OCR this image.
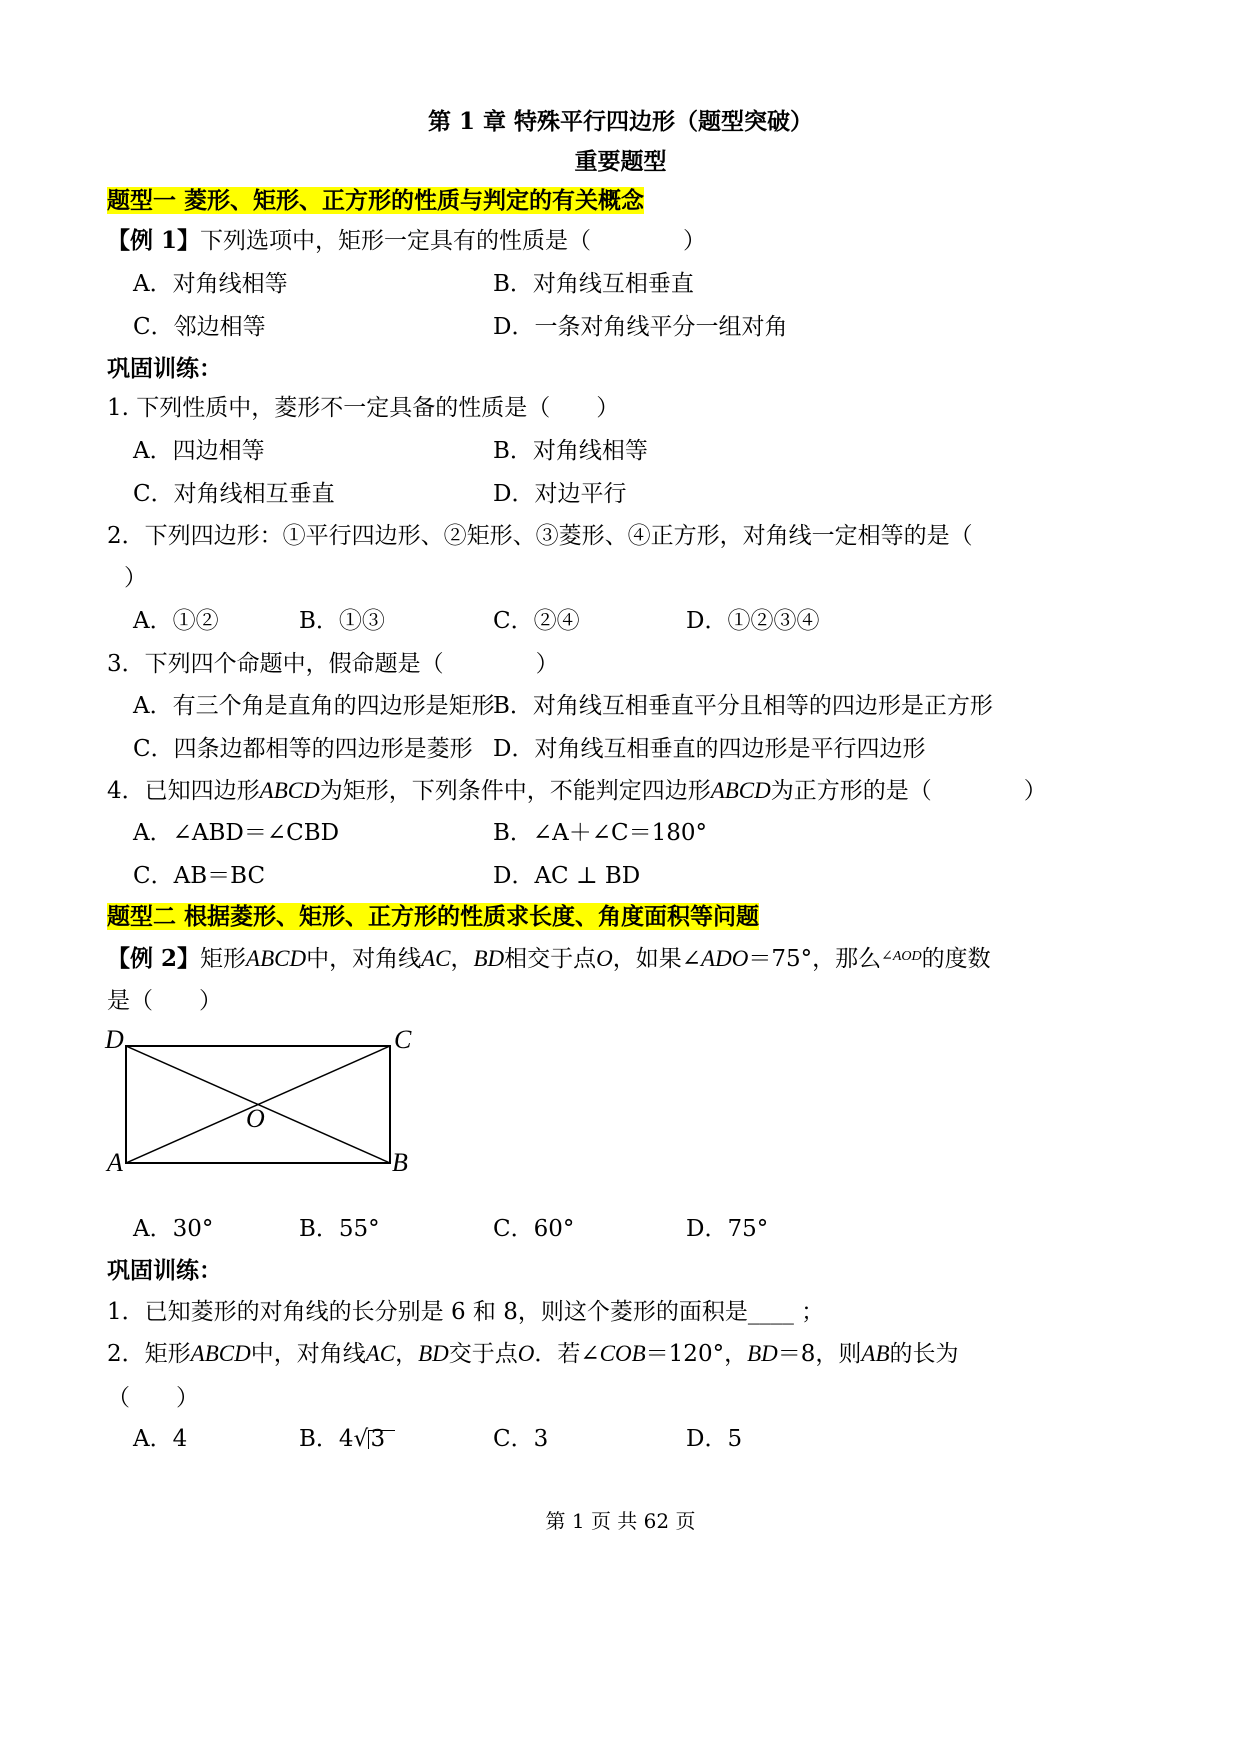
第 1 章 特殊平行四边形（题型突破）
重要题型
题型一 菱形、矩形、正方形的性质与判定的有关概念
【例 1】下列选项中，矩形一定具有的性质是（　　　　）
A．对角线相等	B．对角线互相垂直
C．邻边相等	D．一条对角线平分一组对角
巩固训练：
1. 下列性质中，菱形不一定具备的性质是（　　）
A．四边相等	B．对角线相等
C．对角线相互垂直	D．对边平行
2．下列四边形：①平行四边形、②矩形、③菱形、④正方形，对角线一定相等的是（
）
A．①②	B．①③	C．②④	D．①②③④
3．下列四个命题中，假命题是（　　　　）
A．有三个角是直角的四边形是矩形
B．对角线互相垂直平分且相等的四边形是正方形
C．四条边都相等的四边形是菱形 D．对角线互相垂直的四边形是平行四边形
4．已知四边形ABCD为矩形，下列条件中，不能判定四边形ABCD为正方形的是（　　　　）
A．∠ABD＝∠CBD	B．∠A＋∠C＝180°
C．AB＝BC	D．AC ⊥ BD
题型二 根据菱形、矩形、正方形的性质求长度、角度面积等问题
【例 2】矩形ABCD中，对角线AC，BD相交于点O，如果∠ADO＝75°，那么$^{\angle AOD}$的度数
是（　　）
D	C
O
A	B
A．30°	B．55°	C．60°	D．75°
巩固训练：
1．已知菱形的对角线的长分别是 6 和 8，则这个菱形的面积是____ ；
2．矩形ABCD中，对角线AC，BD交于点O．若∠COB＝120°，BD＝8，则AB的长为
（　　）
A．4	B．4√3	C．3	D．5
第 1 页 共 62 页
